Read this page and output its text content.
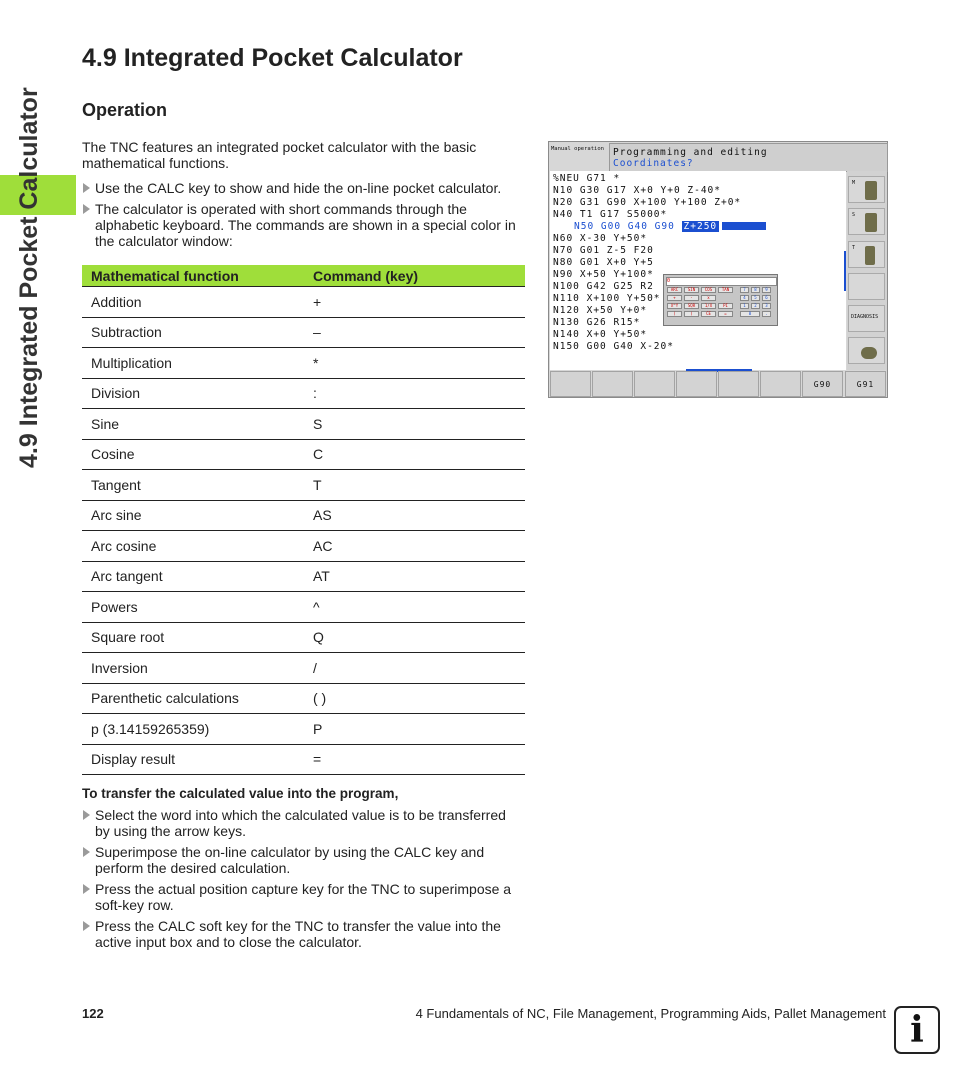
4.9 Integrated Pocket Calculator
4.9 Integrated Pocket Calculator
Operation

The TNC features an integrated pocket calculator with the basic mathematical functions.

Use the CALC key to show and hide the on-line pocket calculator.
The calculator is operated with short commands through the alphabetic keyboard. The commands are shown in a special color in the calculator window:
Mathematical function	Command (key)
Addition	+
Subtraction	–
Multiplication	*
Division	:
Sine	S
Cosine	C
Tangent	T
Arc sine	AS
Arc cosine	AC
Arc tangent	AT
Powers	^
Square root	Q
Inversion	/
Parenthetic calculations	( )
p (3.14159265359)	P
Display result	=
To transfer the calculated value into the program,
Select the word into which the calculated value is to be transferred by using the arrow keys.
Superimpose the on-line calculator by using the CALC key and perform the desired calculation.
Press the actual position capture key for the TNC to superimpose a soft-key row.
Press the CALC soft key for the TNC to transfer the value into the active input box and to close the calculator.
Manual operation Programming and editing
Coordinates?
%NEU G71 *
N10 G30 G17 X+0 Y+0 Z-40*
N20 G31 G90 X+100 Y+100 Z+0*
N40 T1 G17 S5000*
N50 G00 G40 G90 Z+250
N60 X-30 Y+50*
N70 G01 Z-5 F20
N80 G01 X+0 Y+5
N90 X+50 Y+100*
N100 G42 G25 R2
N110 X+100 Y+50*
N120 X+50 Y+0*
N130 G26 R15*
N140 X+0 Y+50*
N150 G00 G40 X-20*
0
ARC	SIN	COS	TAN	7	8	9
+	-	x	4	5	6
X^Y	SQR	1/X	PI	1	2	3
(	)	CE	=	0	.
M
S
T
DIAGNOSIS
G90	G91
122	4 Fundamentals of NC, File Management, Programming Aids, Pallet Management i
